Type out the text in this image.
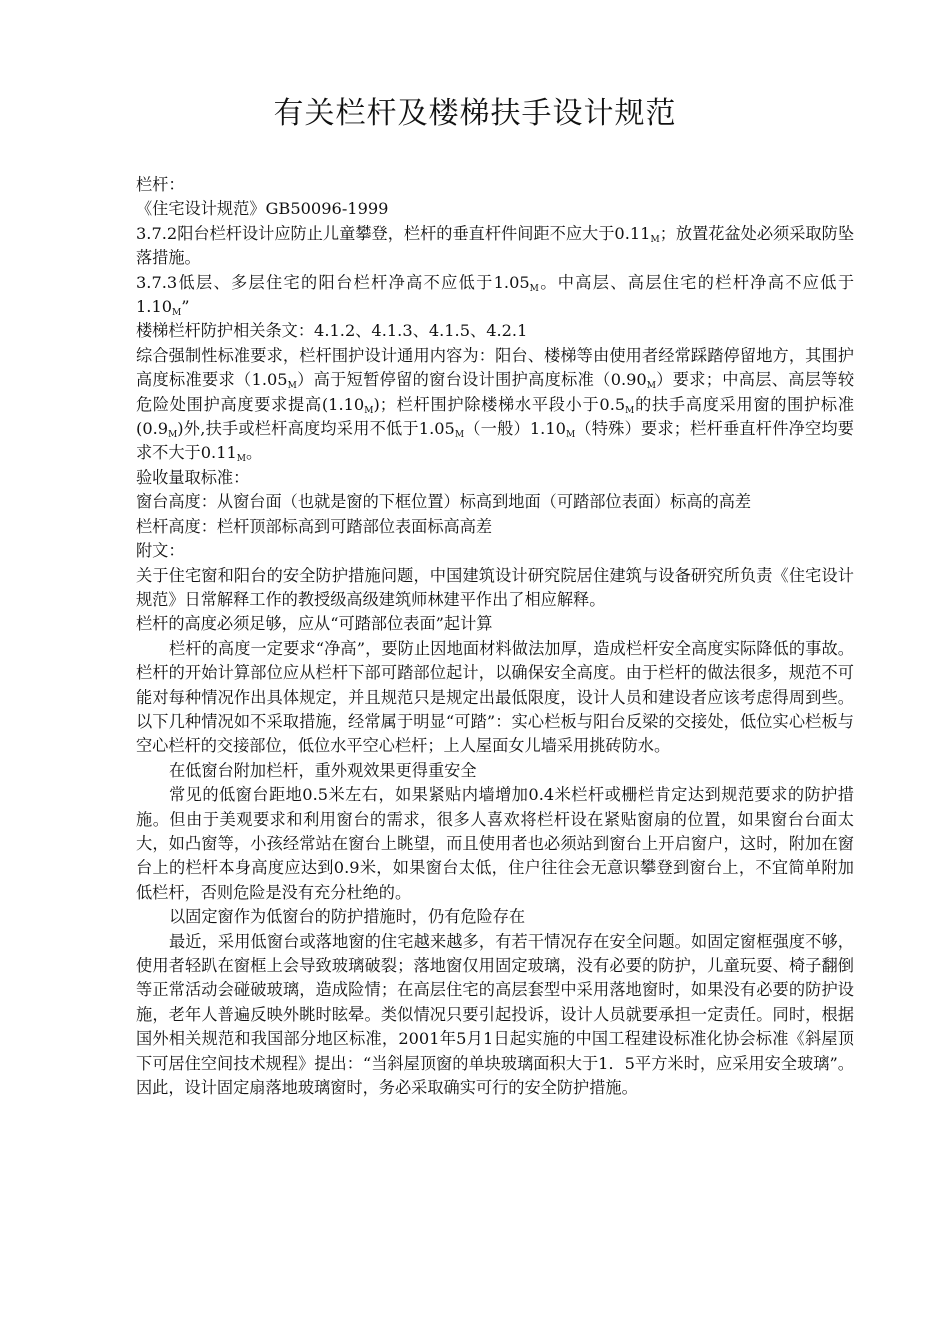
有关栏杆及楼梯扶手设计规范

栏杆：

《住宅设计规范》GB50096-1999

3.7.2阳台栏杆设计应防止儿童攀登，栏杆的垂直杆件间距不应大于$0.11_M$；放置花盆处必须采取防坠落措施。

3.7.3低层、多层住宅的阳台栏杆净高不应低于$1.05_M$。中高层、高层住宅的栏杆净高不应低于$1.10_M$”

楼梯栏杆防护相关条文：4.1.2、4.1.3、4.1.5、4.2.1

综合强制性标准要求，栏杆围护设计通用内容为：阳台、楼梯等由使用者经常踩踏停留地方，其围护高度标准要求$(1.05_M)$高于短暂停留的窗台设计围护高度标准$(0.90_M)$要求；中高层、高层等较危险处围护高度要求提高$(1.10_M)$；栏杆围护除楼梯水平段小于$0.5_M$的扶手高度采用窗的围护标准$(0.9_M)$外,扶手或栏杆高度均采用不低于$1.05_M$（一般）$1.10_M$（特殊）要求；栏杆垂直杆件净空均要求不大于$0.11_M$。

验收量取标准：

窗台高度：从窗台面（也就是窗的下框位置）标高到地面（可踏部位表面）标高的高差

栏杆高度：栏杆顶部标高到可踏部位表面标高高差

附文：

关于住宅窗和阳台的安全防护措施问题，中国建筑设计研究院居住建筑与设备研究所负责《住宅设计规范》日常解释工作的教授级高级建筑师林建平作出了相应解释。

栏杆的高度必须足够，应从“可踏部位表面”起计算

栏杆的高度一定要求“净高”，要防止因地面材料做法加厚，造成栏杆安全高度实际降低的事故。栏杆的开始计算部位应从栏杆下部可踏部位起计，以确保安全高度。由于栏杆的做法很多，规范不可能对每种情况作出具体规定，并且规范只是规定出最低限度，设计人员和建设者应该考虑得周到些。以下几种情况如不采取措施，经常属于明显“可踏”：实心栏板与阳台反梁的交接处，低位实心栏板与空心栏杆的交接部位，低位水平空心栏杆；上人屋面女儿墙采用挑砖防水。

在低窗台附加栏杆，重外观效果更得重安全

常见的低窗台距地0.5米左右，如果紧贴内墙增加0.4米栏杆或栅栏肯定达到规范要求的防护措施。但由于美观要求和利用窗台的需求，很多人喜欢将栏杆设在紧贴窗扇的位置，如果窗台台面太大，如凸窗等，小孩经常站在窗台上眺望，而且使用者也必须站到窗台上开启窗户，这时，附加在窗台上的栏杆本身高度应达到0.9米，如果窗台太低，住户往往会无意识攀登到窗台上，不宜简单附加低栏杆，否则危险是没有充分杜绝的。

以固定窗作为低窗台的防护措施时，仍有危险存在

最近，采用低窗台或落地窗的住宅越来越多，有若干情况存在安全问题。如固定窗框强度不够，使用者轻趴在窗框上会导致玻璃破裂；落地窗仅用固定玻璃，没有必要的防护，儿童玩耍、椅子翻倒等正常活动会碰破玻璃，造成险情；在高层住宅的高层套型中采用落地窗时，如果没有必要的防护设施，老年人普遍反映外眺时眩晕。类似情况只要引起投诉，设计人员就要承担一定责任。同时，根据国外相关规范和我国部分地区标准，2001年5月1日起实施的中国工程建设标准化协会标准《斜屋顶下可居住空间技术规程》提出：“当斜屋顶窗的单块玻璃面积大于1．5平方米时，应采用安全玻璃”。因此，设计固定扇落地玻璃窗时，务必采取确实可行的安全防护措施。
